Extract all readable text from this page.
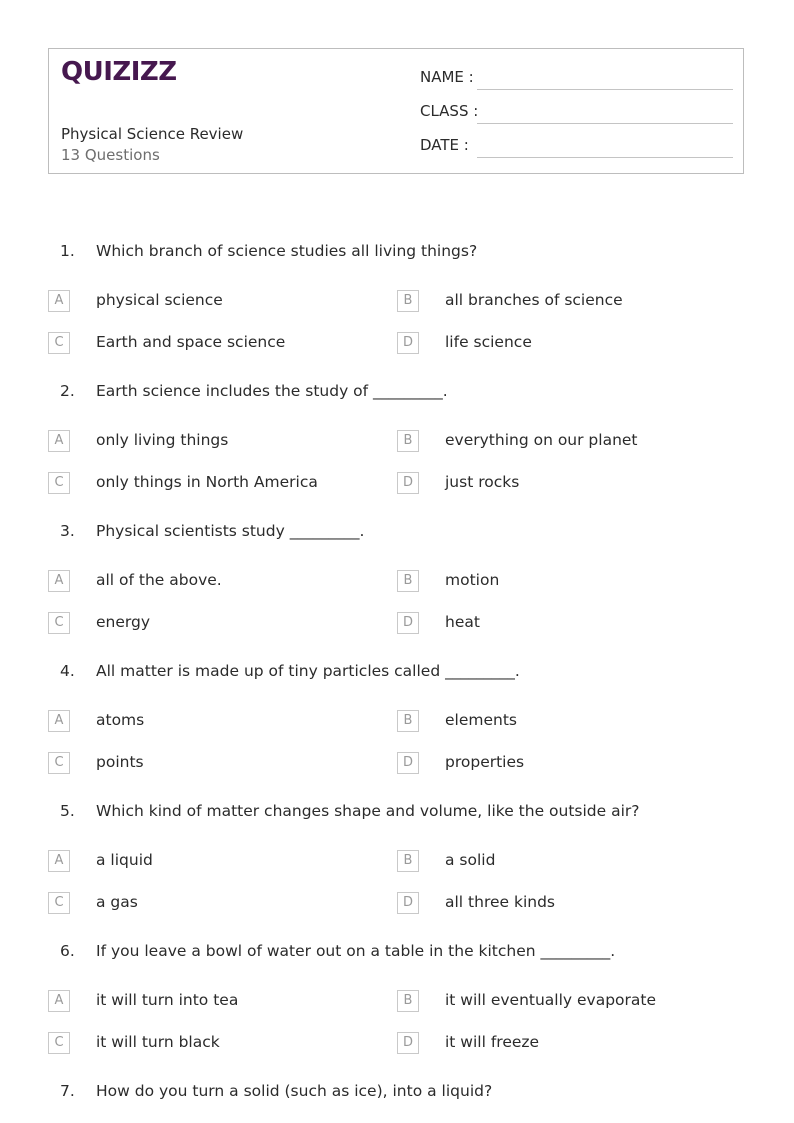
QUIZIZZ
Physical Science Review
13 Questions
NAME :
CLASS :
DATE :
1. Which branch of science studies all living things?
A	physical science	B	all branches of science
C	Earth and space science	D	life science
2. Earth science includes the study of _________.
A	only living things	B	everything on our planet
C	only things in North America	D	just rocks
3. Physical scientists study _________.
A	all of the above.	B	motion
C	energy	D	heat
4. All matter is made up of tiny particles called _________.
A	atoms	B	elements
C	points	D	properties
5. Which kind of matter changes shape and volume, like the outside air?
A	a liquid	B	a solid
C	a gas	D	all three kinds
6. If you leave a bowl of water out on a table in the kitchen _________.
A	it will turn into tea	B	it will eventually evaporate
C	it will turn black	D	it will freeze
7. How do you turn a solid (such as ice), into a liquid?
